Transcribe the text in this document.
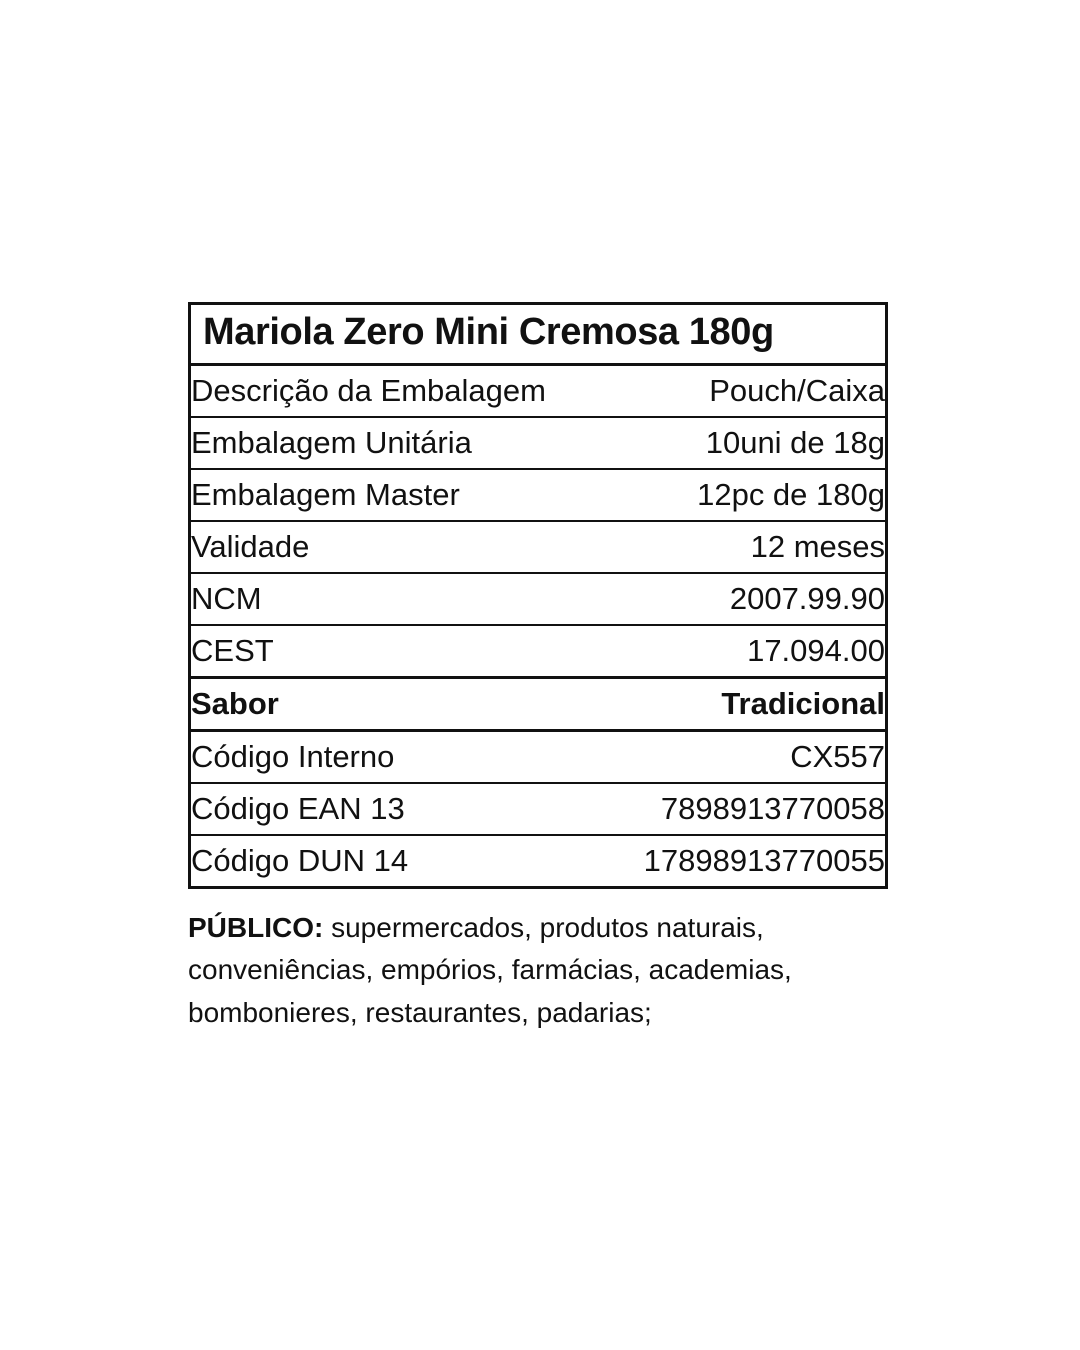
Mariola Zero Mini Cremosa 180g	

Descrição da Embalagem	Pouch/Caixa
Embalagem Unitária	10uni de 18g
Embalagem Master	12pc de 180g
Validade	12 meses
NCM	2007.99.90
CEST	17.094.00
Sabor	Tradicional
Código Interno	CX557
Código EAN 13	7898913770058
Código DUN 14	17898913770055

PÚBLICO: supermercados, produtos naturais, conveniências, empórios, farmácias, academias, bombonieres, restaurantes, padarias;
